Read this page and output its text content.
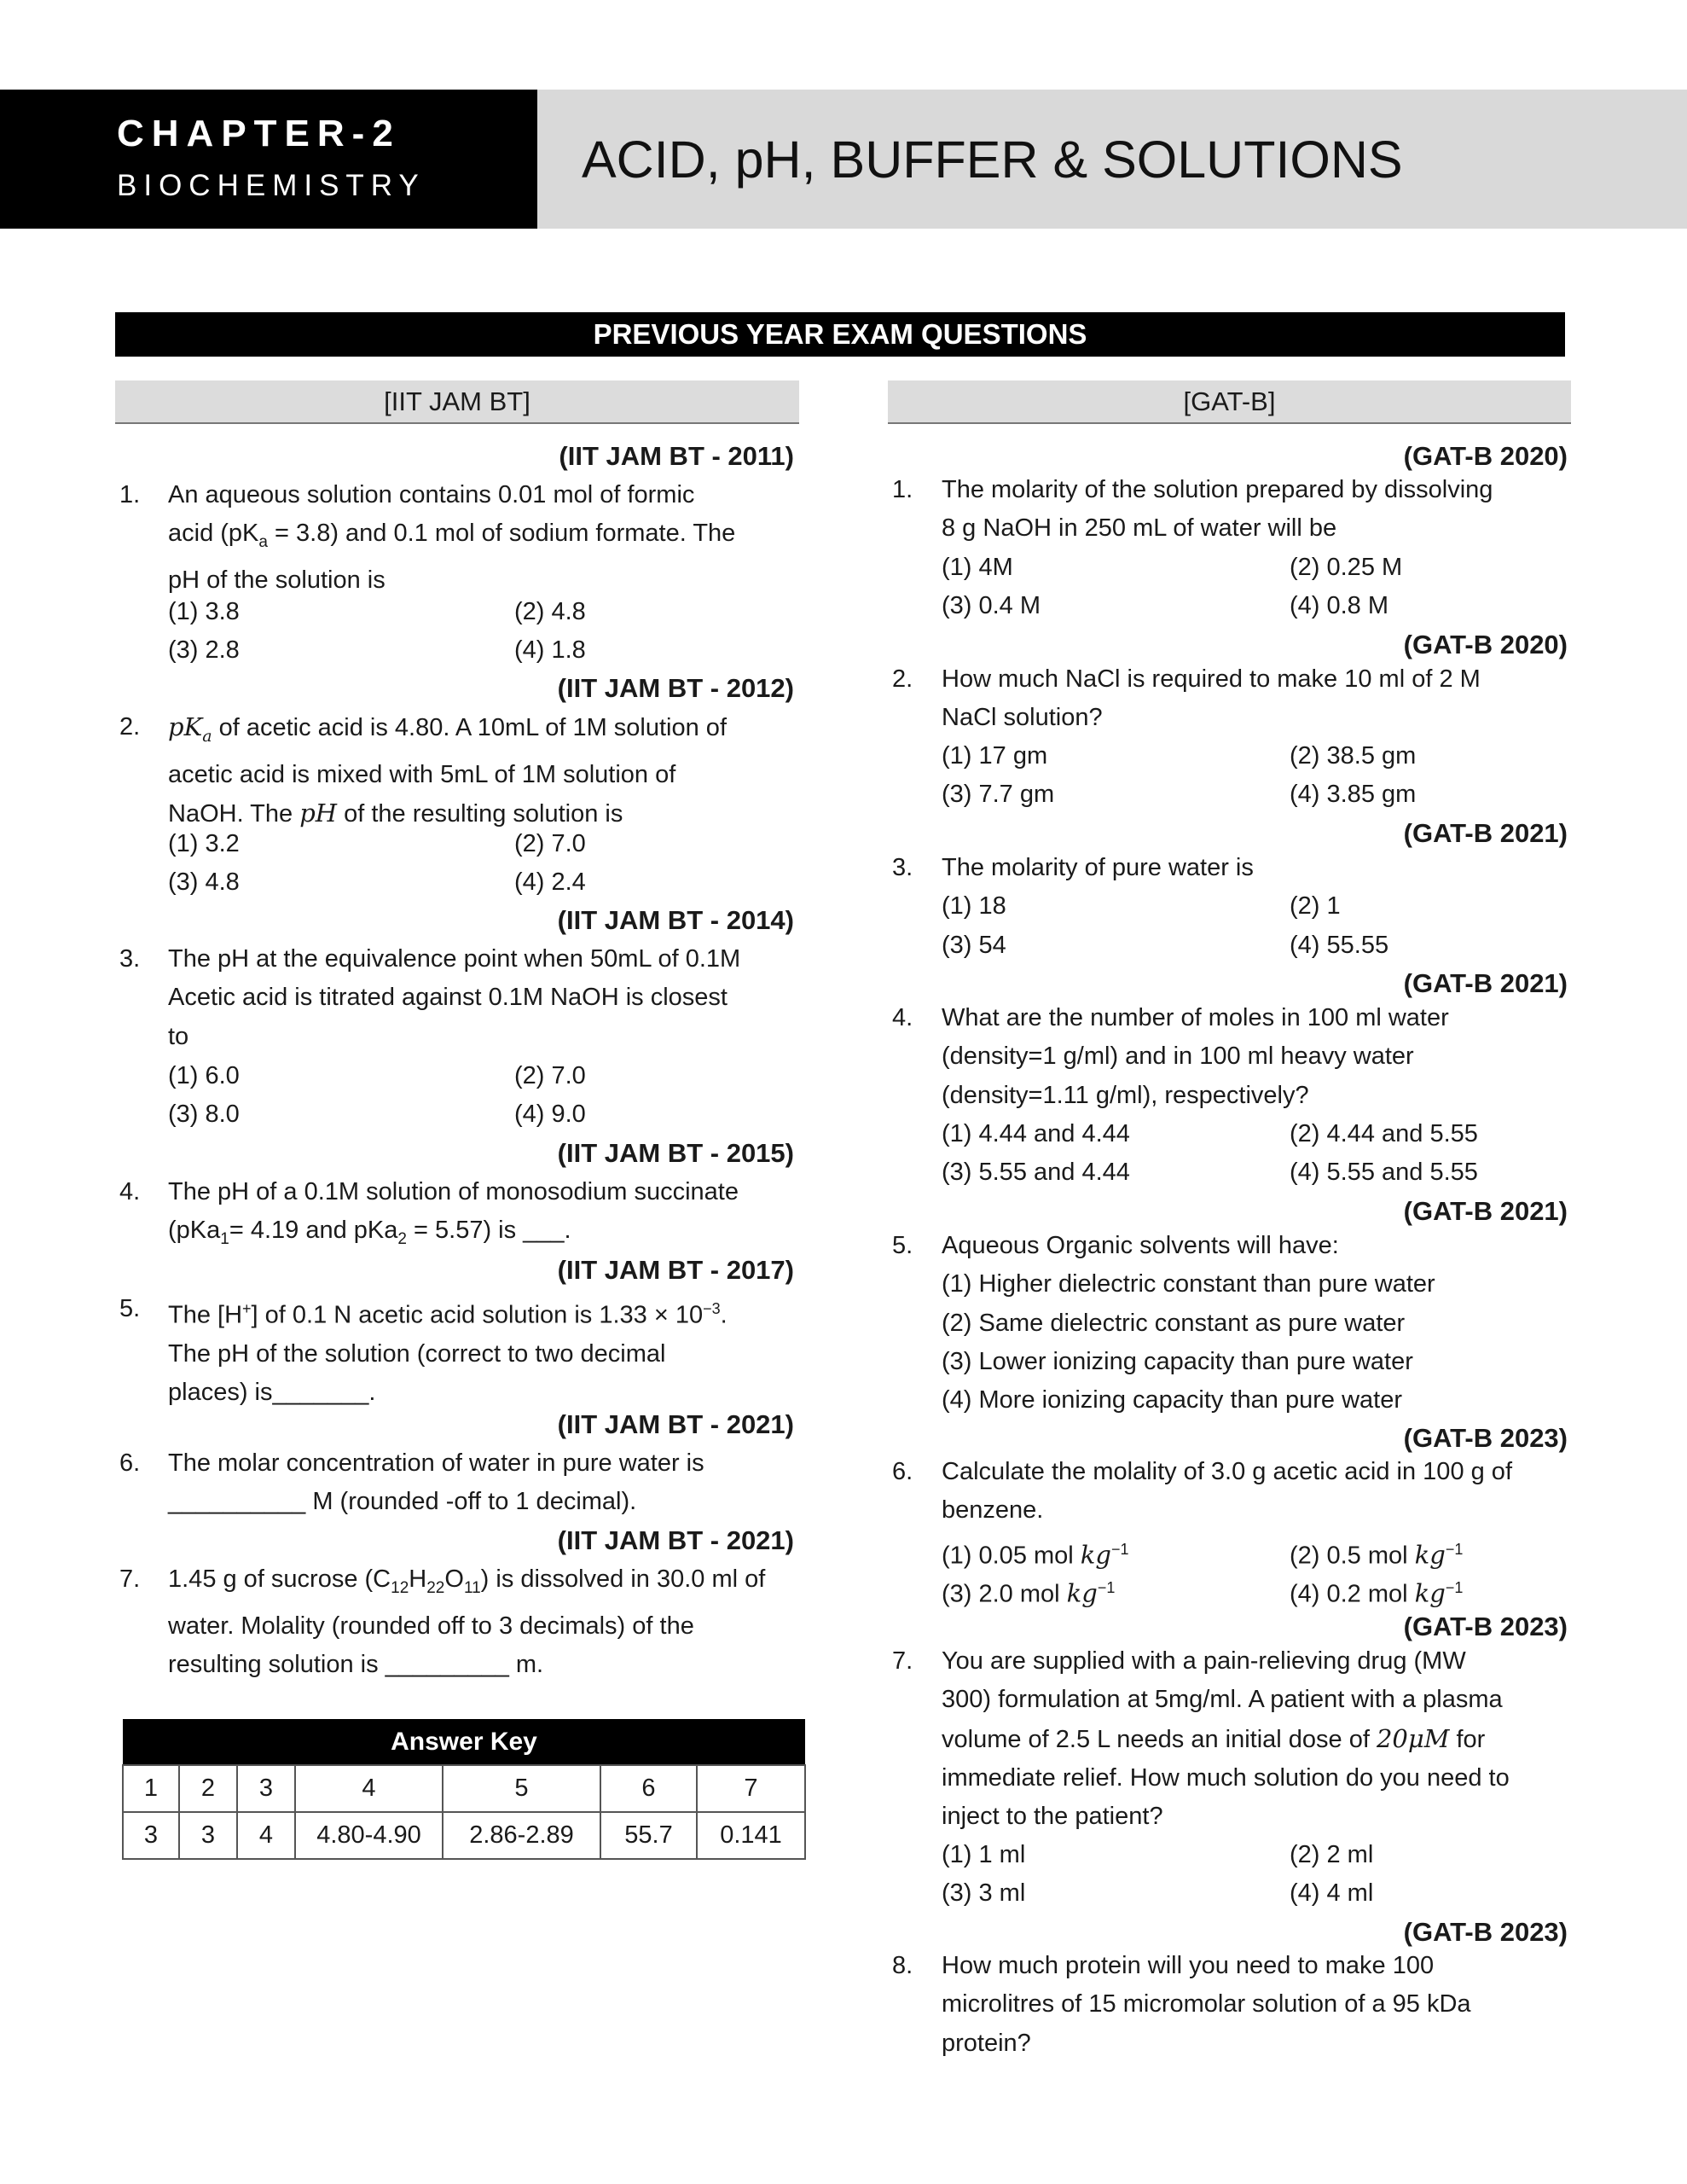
CHAPTER-2
BIOCHEMISTRY	ACID, pH, BUFFER & SOLUTIONS
PREVIOUS YEAR EXAM QUESTIONS
[IIT JAM BT]	[GAT-B]
(IIT JAM BT - 2011)
1. An aqueous solution contains 0.01 mol of formic
acid $(pK_a = 3.8)$ and 0.1 mol of sodium formate. The
pH of the solution is
(1) 3.8	(2) 4.8
(3) 2.8	(4) 1.8
(IIT JAM BT - 2012)
2. $pK_a$ of acetic acid is 4.80. A 10mL of 1M solution of
acetic acid is mixed with 5mL of 1M solution of
NaOH. The pH of the resulting solution is
(1) 3.2	(2) 7.0
(3) 4.8	(4) 2.4
(IIT JAM BT - 2014)
3. The pH at the equivalence point when 50mL of 0.1M
Acetic acid is titrated against 0.1M NaOH is closest
to
(1) 6.0	(2) 7.0
(3) 8.0	(4) 9.0
(IIT JAM BT - 2015)
4. The pH of a 0.1M solution of monosodium succinate
(pKa$_1$= 4.19 and pKa$_2$ = 5.57) is ___.
(IIT JAM BT - 2017)
5. The [H+] of 0.1 N acetic acid solution is $1.33 \times 10^{-3}$.
The pH of the solution (correct to two decimal
places) is_______.
(IIT JAM BT - 2021)
6. The molar concentration of water in pure water is
__________ M (rounded -off to 1 decimal).
(IIT JAM BT - 2021)
7. 1.45 g of sucrose $(C_{12}H_{22}O_{11})$ is dissolved in 30.0 ml of
water. Molality (rounded off to 3 decimals) of the
resulting solution is _________ m.
Answer Key						
1	2	3	4	5	6	7
3	3	4	4.80-4.90	2.86-2.89	55.7	0.141
(GAT-B 2020)
1. The molarity of the solution prepared by dissolving
8 g NaOH in 250 mL of water will be
(1) 4M	(2) 0.25 M
(3) 0.4 M	(4) 0.8 M
(GAT-B 2020)
2. How much NaCl is required to make 10 ml of 2 M
NaCl solution?
(1) 17 gm	(2) 38.5 gm
(3) 7.7 gm	(4) 3.85 gm
(GAT-B 2021)
3. The molarity of pure water is
(1) 18	(2) 1
(3) 54	(4) 55.55
(GAT-B 2021)
4. What are the number of moles in 100 ml water
(density=1 g/ml) and in 100 ml heavy water
(density=1.11 g/ml), respectively?
(1) 4.44 and 4.44	(2) 4.44 and 5.55
(3) 5.55 and 4.44	(4) 5.55 and 5.55
(GAT-B 2021)
5. Aqueous Organic solvents will have:
(1) Higher dielectric constant than pure water
(2) Same dielectric constant as pure water
(3) Lower ionizing capacity than pure water
(4) More ionizing capacity than pure water
(GAT-B 2023)
6. Calculate the molality of 3.0 g acetic acid in 100 g of
benzene.
(1) 0.05 mol $kg^{-1}$	(2) 0.5 mol $kg^{-1}$
(3) 2.0 mol $kg^{-1}$	(4) 0.2 mol $kg^{-1}$
(GAT-B 2023)
7. You are supplied with a pain-relieving drug (MW
300) formulation at 5mg/ml. A patient with a plasma
volume of 2.5 L needs an initial dose of 20μM for
immediate relief. How much solution do you need to
inject to the patient?
(1) 1 ml	(2) 2 ml
(3) 3 ml	(4) 4 ml
(GAT-B 2023)
8. How much protein will you need to make 100
microlitres of 15 micromolar solution of a 95 kDa
protein?
